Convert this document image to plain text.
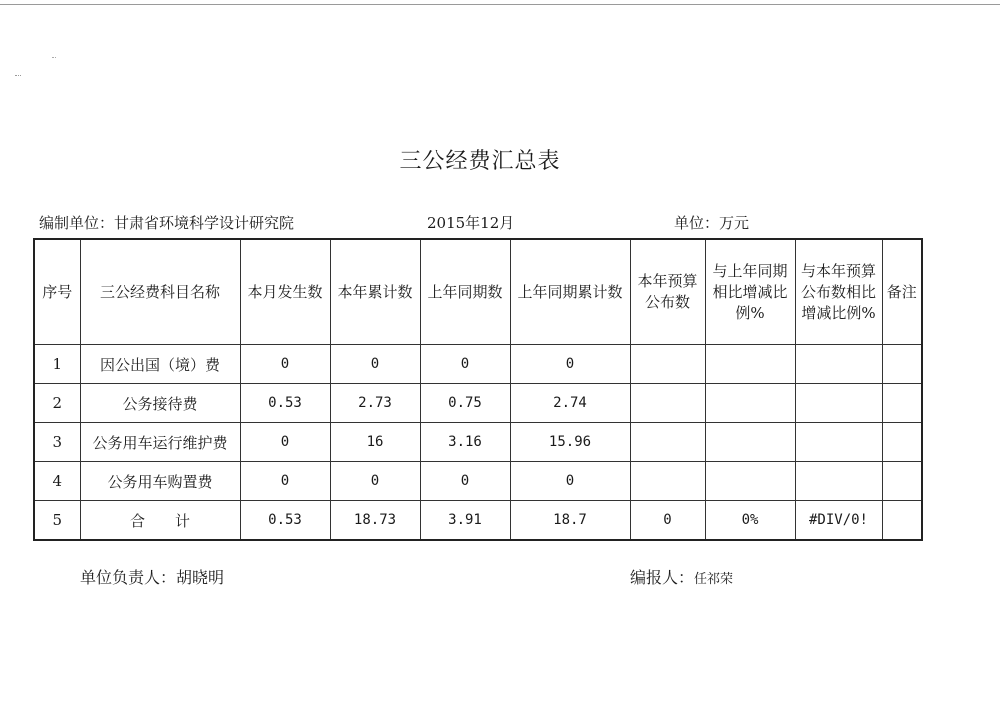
三公经费汇总表
编制单位：甘肃省环境科学设计研究院	2015年12月	单位：万元
序号	三公经费科目名称	本月发生数	本年累计数	上年同期数	上年同期累计数	本年预算公布数	与上年同期相比增减比例%	与本年预算公布数相比增减比例%	备注
1	因公出国（境）费	0	0	0	0				
2	公务接待费	0.53	2.73	0.75	2.74				
3	公务用车运行维护费	0	16	3.16	15.96				
4	公务用车购置费	0	0	0	0				
5	合　　计	0.53	18.73	3.91	18.7	0	0%	#DIV/0!	
单位负责人：胡晓明	编报人：任祁荣
